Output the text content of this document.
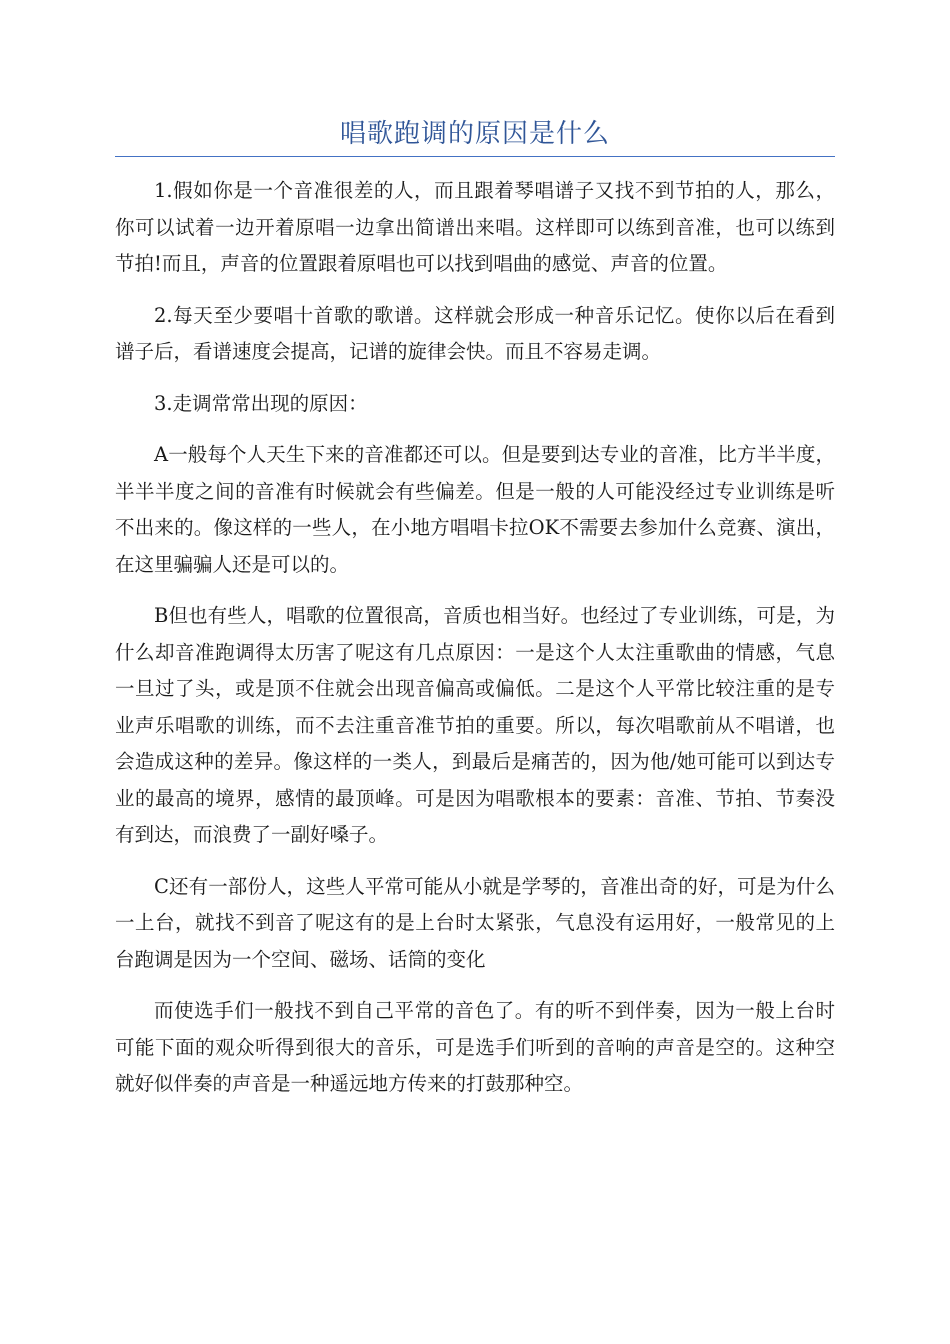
唱歌跑调的原因是什么

1.假如你是一个音准很差的人，而且跟着琴唱谱子又找不到节拍的人，那么，你可以试着一边开着原唱一边拿出简谱出来唱。这样即可以练到音准，也可以练到节拍!而且，声音的位置跟着原唱也可以找到唱曲的感觉、声音的位置。

2.每天至少要唱十首歌的歌谱。这样就会形成一种音乐记忆。使你以后在看到谱子后，看谱速度会提高，记谱的旋律会快。而且不容易走调。

3.走调常常出现的原因：

A一般每个人天生下来的音准都还可以。但是要到达专业的音准，比方半半度，半半半度之间的音准有时候就会有些偏差。但是一般的人可能没经过专业训练是听不出来的。像这样的一些人，在小地方唱唱卡拉OK不需要去参加什么竞赛、演出，在这里骗骗人还是可以的。

B但也有些人，唱歌的位置很高，音质也相当好。也经过了专业训练，可是，为什么却音准跑调得太历害了呢这有几点原因：一是这个人太注重歌曲的情感，气息一旦过了头，或是顶不住就会出现音偏高或偏低。二是这个人平常比较注重的是专业声乐唱歌的训练，而不去注重音准节拍的重要。所以，每次唱歌前从不唱谱，也会造成这种的差异。像这样的一类人，到最后是痛苦的，因为他/她可能可以到达专业的最高的境界，感情的最顶峰。可是因为唱歌根本的要素：音准、节拍、节奏没有到达，而浪费了一副好嗓子。

C还有一部份人，这些人平常可能从小就是学琴的，音准出奇的好，可是为什么一上台，就找不到音了呢这有的是上台时太紧张，气息没有运用好，一般常见的上台跑调是因为一个空间、磁场、话筒的变化

而使选手们一般找不到自己平常的音色了。有的听不到伴奏，因为一般上台时可能下面的观众听得到很大的音乐，可是选手们听到的音响的声音是空的。这种空就好似伴奏的声音是一种遥远地方传来的打鼓那种空。
